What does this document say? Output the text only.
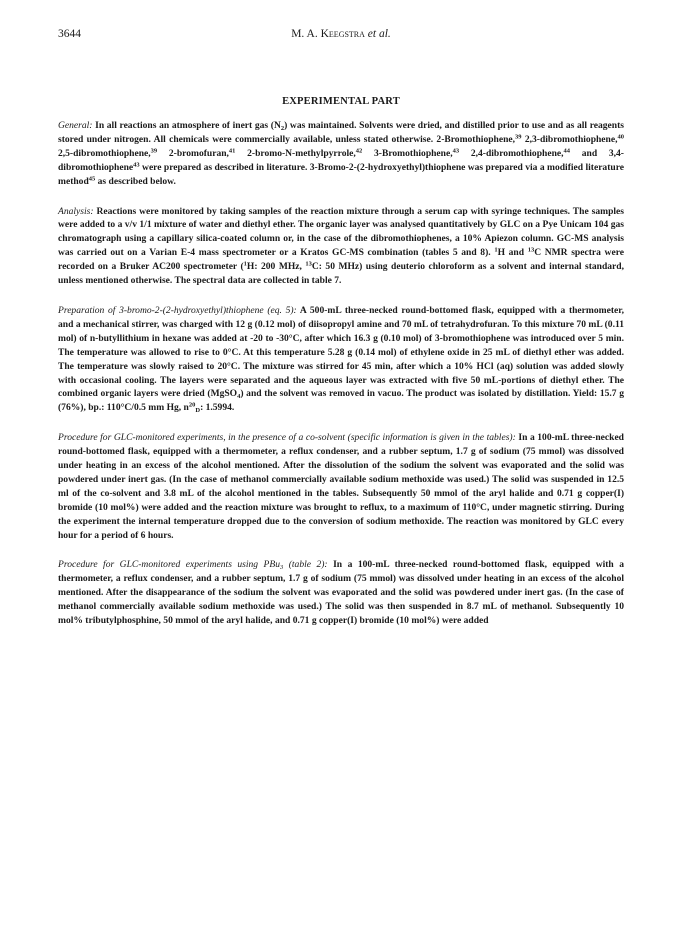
3644	M. A. Keegstra et al.
EXPERIMENTAL PART

General: In all reactions an atmosphere of inert gas $(N_2)$ was maintained. Solvents were dried, and distilled prior to use and as all reagents stored under nitrogen. All chemicals were commercially available, unless stated otherwise. 2-Bromothiophene,$^{39}$ 2,3-dibromothiophene,$^{40}$ 2,5-dibromothiophene,$^{39}$ 2-bromofuran,$^{41}$ 2-bromo-N-methylpyrrole,$^{42}$ 3-Bromothiophene,$^{43}$ 2,4-dibromothiophene,$^{44}$ and 3,4-dibromothiophene$^{43}$ were prepared as described in literature. 3-Bromo-2-(2-hydroxyethyl)thiophene was prepared via a modified literature method$^{45}$ as described below.

Analysis: Reactions were monitored by taking samples of the reaction mixture through a serum cap with syringe techniques. The samples were added to a v/v 1/1 mixture of water and diethyl ether. The organic layer was analysed quantitatively by GLC on a Pye Unicam 104 gas chromatograph using a capillary silica-coated column or, in the case of the dibromothiophenes, a 10% Apiezon column. GC-MS analysis was carried out on a Varian E-4 mass spectrometer or a Kratos GC-MS combination (tables 5 and 8). $^1$H and $^{13}$C NMR spectra were recorded on a Bruker AC200 spectrometer ($^1$H: 200 MHz, $^{13}$C: 50 MHz) using deuterio chloroform as a solvent and internal standard, unless mentioned otherwise. The spectral data are collected in table 7.

Preparation of 3-bromo-2-(2-hydroxyethyl)thiophene (eq. 5): A 500-mL three-necked round-bottomed flask, equipped with a thermometer, and a mechanical stirrer, was charged with 12 g (0.12 mol) of diisopropyl amine and 70 mL of tetrahydrofuran. To this mixture 70 mL (0.11 mol) of n-butyllithium in hexane was added at -20 to -30°C, after which 16.3 g (0.10 mol) of 3-bromothiophene was introduced over 5 min. The temperature was allowed to rise to 0°C. At this temperature 5.28 g (0.14 mol) of ethylene oxide in 25 mL of diethyl ether was added. The temperature was slowly raised to 20°C. The mixture was stirred for 45 min, after which a 10% HCl (aq) solution was added slowly with occasional cooling. The layers were separated and the aqueous layer was extracted with five 50 mL-portions of diethyl ether. The combined organic layers were dried (MgSO$_4$) and the solvent was removed in vacuo. The product was isolated by distillation. Yield: 15.7 g (76%), bp.: 110°C/0.5 mm Hg, $n^{20}_D$: 1.5994.

Procedure for GLC-monitored experiments, in the presence of a co-solvent (specific information is given in the tables): In a 100-mL three-necked round-bottomed flask, equipped with a thermometer, a reflux condenser, and a rubber septum, 1.7 g of sodium (75 mmol) was dissolved under heating in an excess of the alcohol mentioned. After the dissolution of the sodium the solvent was evaporated and the solid was powdered under inert gas. (In the case of methanol commercially available sodium methoxide was used.) The solid was suspended in 12.5 ml of the co-solvent and 3.8 mL of the alcohol mentioned in the tables. Subsequently 50 mmol of the aryl halide and 0.71 g copper(I) bromide (10 mol%) were added and the reaction mixture was brought to reflux, to a maximum of 110°C, under magnetic stirring. During the experiment the internal temperature dropped due to the conversion of sodium methoxide. The reaction was monitored by GLC every hour for a period of 6 hours.

Procedure for GLC-monitored experiments using PBu$_3$ (table 2): In a 100-mL three-necked round-bottomed flask, equipped with a thermometer, a reflux condenser, and a rubber septum, 1.7 g of sodium (75 mmol) was dissolved under heating in an excess of the alcohol mentioned. After the disappearance of the sodium the solvent was evaporated and the solid was powdered under inert gas. (In the case of methanol commercially available sodium methoxide was used.) The solid was then suspended in 8.7 mL of methanol. Subsequently 10 mol% tributylphosphine, 50 mmol of the aryl halide, and 0.71 g copper(I) bromide (10 mol%) were added
